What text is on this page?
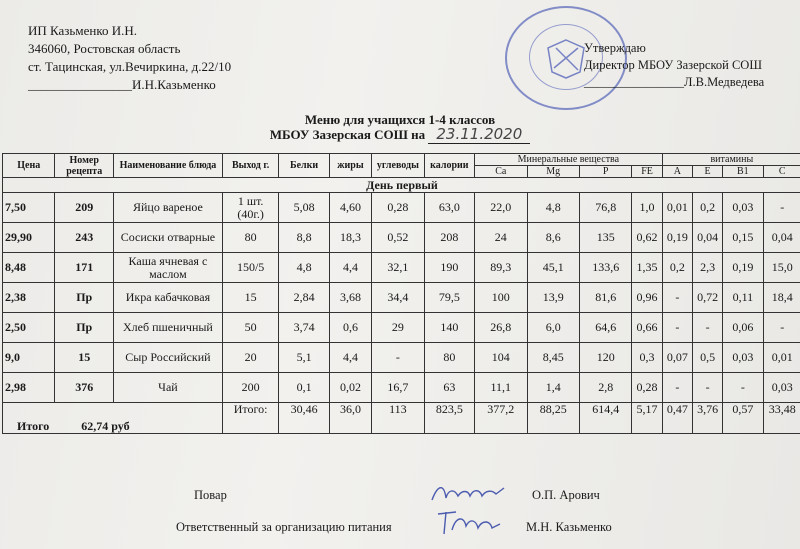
ИП Казьменко И.Н.
346060, Ростовская область
ст. Тацинская, ул.Вечиркина, д.22/10
________________И.Н.Казьменко
Утверждаю
Директор МБОУ Зазерской СОШ
________________Л.В.Медведева
Меню для учащихся 1-4 классов
МБОУ Зазерская СОШ на 23.11.2020
Цена	Номер рецепта	Наименование блюда	Выход г.	Белки	жиры	углеводы	калории	Минеральные вещества				витамины			
								Ca	Mg	P	FE	A	E	B1	C
День первый															
7,50	209	Яйцо вареное	1 шт. (40г.)	5,08	4,60	0,28	63,0	22,0	4,8	76,8	1,0	0,01	0,2	0,03	-
29,90	243	Сосиски отварные	80	8,8	18,3	0,52	208	24	8,6	135	0,62	0,19	0,04	0,15	0,04
8,48	171	Каша ячневая с маслом	150/5	4,8	4,4	32,1	190	89,3	45,1	133,6	1,35	0,2	2,3	0,19	15,0
2,38	Пр	Икра кабачковая	15	2,84	3,68	34,4	79,5	100	13,9	81,6	0,96	-	0,72	0,11	18,4
2,50	Пр	Хлеб пшеничный	50	3,74	0,6	29	140	26,8	6,0	64,6	0,66	-	-	0,06	-
9,0	15	Сыр Российский	20	5,1	4,4	-	80	104	8,45	120	0,3	0,07	0,5	0,03	0,01
2,98	376	Чай	200	0,1	0,02	16,7	63	11,1	1,4	2,8	0,28	-	-	-	0,03
Итого 62,74 руб			Итого:	30,46	36,0	113	823,5	377,2	88,25	614,4	5,17	0,47	3,76	0,57	33,48
Повар	О.П. Арович
Ответственный за организацию питания	М.Н. Казьменко
